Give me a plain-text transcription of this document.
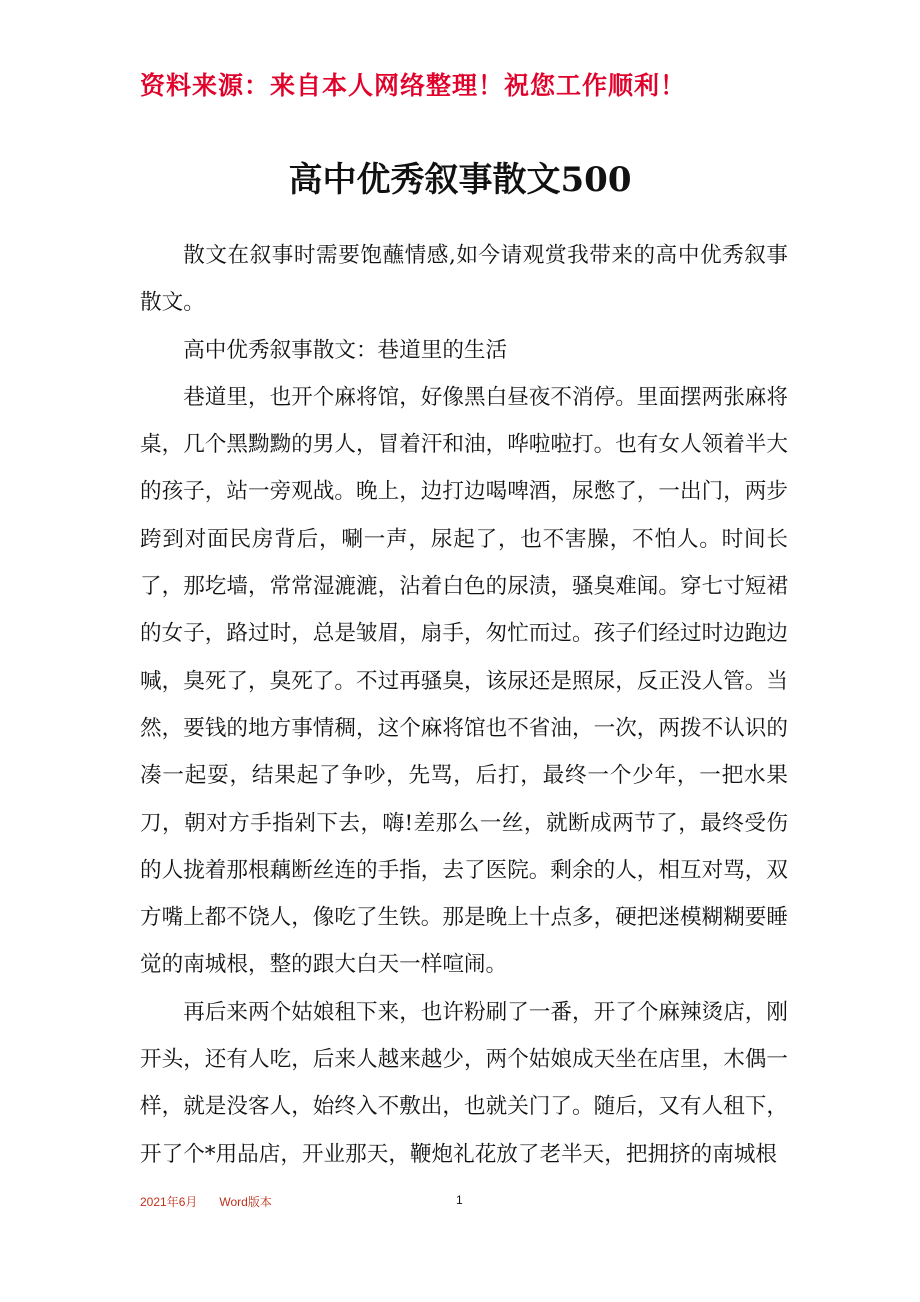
资料来源：来自本人网络整理！祝您工作顺利！
高中优秀叙事散文500

散文在叙事时需要饱蘸情感,如今请观赏我带来的高中优秀叙事散文。

高中优秀叙事散文：巷道里的生活

巷道里，也开个麻将馆，好像黑白昼夜不消停。里面摆两张麻将桌，几个黑黝黝的男人，冒着汗和油，哗啦啦打。也有女人领着半大的孩子，站一旁观战。晚上，边打边喝啤酒，尿憋了，一出门，两步跨到对面民房背后，唰一声，尿起了，也不害臊，不怕人。时间长了，那圪墙，常常湿漉漉，沾着白色的尿渍，骚臭难闻。穿七寸短裙的女子，路过时，总是皱眉，扇手，匆忙而过。孩子们经过时边跑边喊，臭死了，臭死了。不过再骚臭，该尿还是照尿，反正没人管。当然，要钱的地方事情稠，这个麻将馆也不省油，一次，两拨不认识的凑一起耍，结果起了争吵，先骂，后打，最终一个少年，一把水果刀，朝对方手指剁下去，嗨!差那么一丝，就断成两节了，最终受伤的人拢着那根藕断丝连的手指，去了医院。剩余的人，相互对骂，双方嘴上都不饶人，像吃了生铁。那是晚上十点多，硬把迷模糊糊要睡觉的南城根，整的跟大白天一样喧闹。

再后来两个姑娘租下来，也许粉刷了一番，开了个麻辣烫店，刚开头，还有人吃，后来人越来越少，两个姑娘成天坐在店里，木偶一样，就是没客人，始终入不敷出，也就关门了。随后，又有人租下，开了个*用品店，开业那天，鞭炮礼花放了老半天，把拥挤的南城根

2021年6月 Word版本	1
